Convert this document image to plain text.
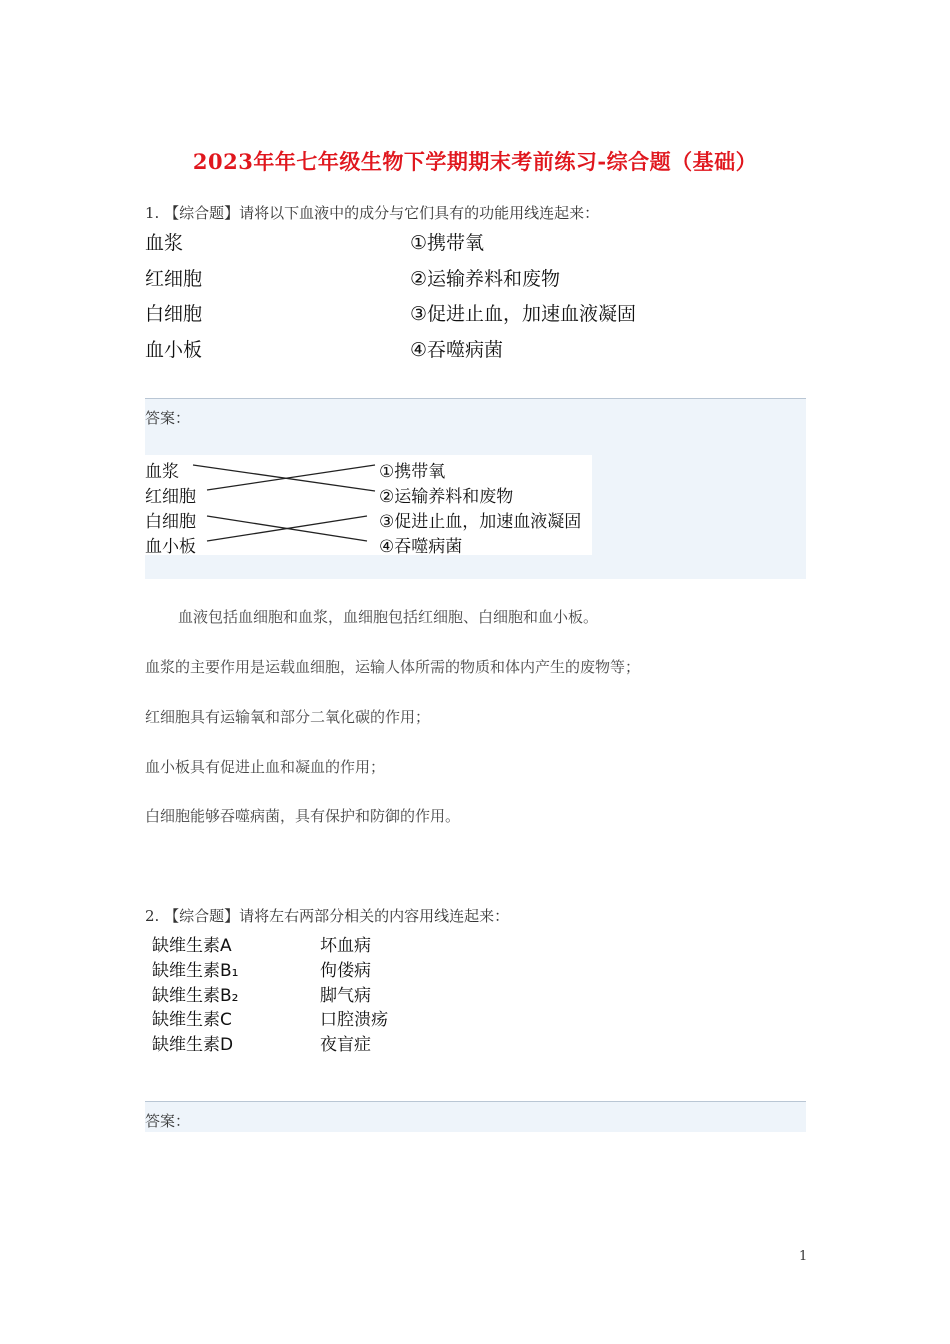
2023年年七年级生物下学期期末考前练习-综合题（基础）
1. 【综合题】请将以下血液中的成分与它们具有的功能用线连起来：
血浆
红细胞
白细胞
血小板
①携带氧
②运输养料和废物
③促进止血，加速血液凝固
④吞噬病菌
答案：
血浆
红细胞
白细胞
血小板
①携带氧
②运输养料和废物
③促进止血，加速血液凝固
④吞噬病菌
血液包括血细胞和血浆，血细胞包括红细胞、白细胞和血小板。
血浆的主要作用是运载血细胞，运输人体所需的物质和体内产生的废物等；
红细胞具有运输氧和部分二氧化碳的作用；
血小板具有促进止血和凝血的作用；
白细胞能够吞噬病菌，具有保护和防御的作用。
2. 【综合题】请将左右两部分相关的内容用线连起来：
缺维生素A
缺维生素B₁
缺维生素B₂
缺维生素C
缺维生素D
坏血病
佝偻病
脚气病
口腔溃疡
夜盲症
答案：
1
